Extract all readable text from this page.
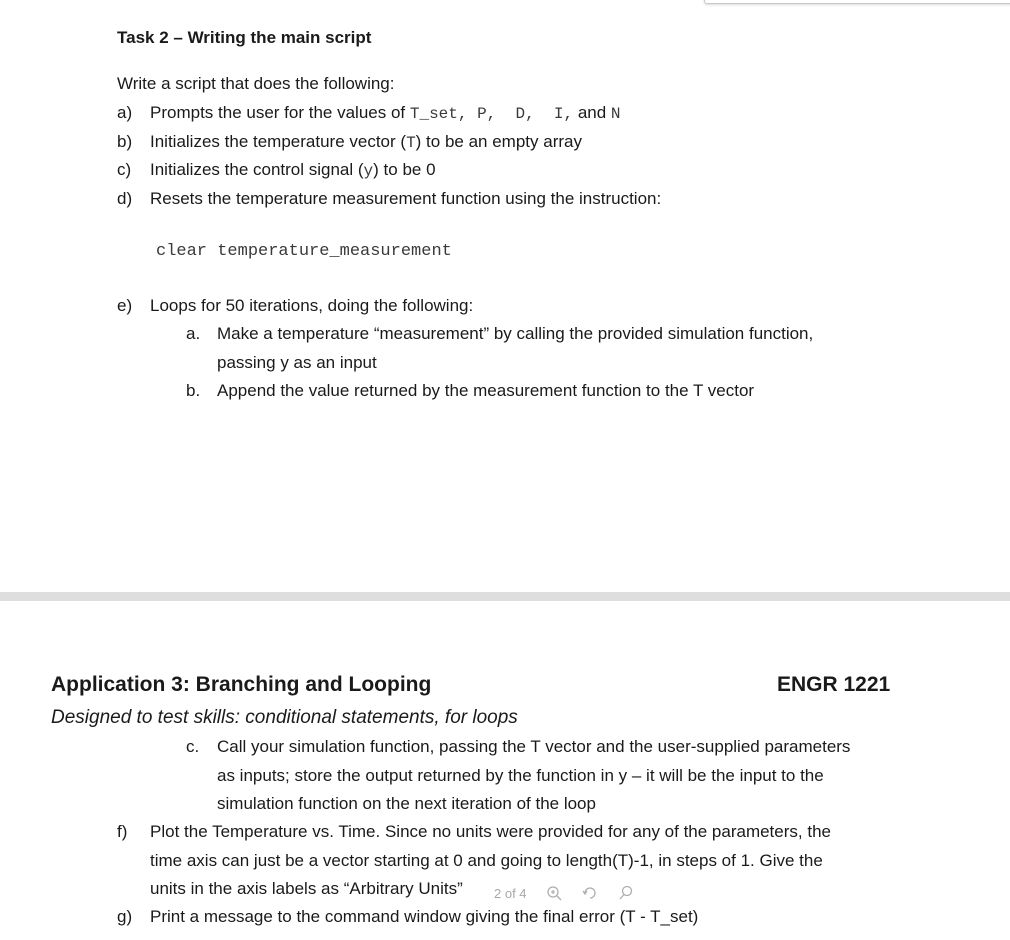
Task 2 – Writing the main script
Write a script that does the following:
a) Prompts the user for the values of T_set, P,  D,  I, and N
b) Initializes the temperature vector (T) to be an empty array
c) Initializes the control signal (y) to be 0
d) Resets the temperature measurement function using the instruction:
clear temperature_measurement
e) Loops for 50 iterations, doing the following:
a. Make a temperature “measurement” by calling the provided simulation function,
passing y as an input
b. Append the value returned by the measurement function to the T vector
Application 3: Branching and Looping	ENGR 1221
Designed to test skills: conditional statements, for loops
c. Call your simulation function, passing the T vector and the user-supplied parameters
as inputs; store the output returned by the function in y – it will be the input to the
simulation function on the next iteration of the loop
f) Plot the Temperature vs. Time. Since no units were provided for any of the parameters, the
time axis can just be a vector starting at 0 and going to length(T)-1, in steps of 1. Give the
units in the axis labels as “Arbitrary Units”
g) Print a message to the command window giving the final error (T - T_set)
2 of 4
